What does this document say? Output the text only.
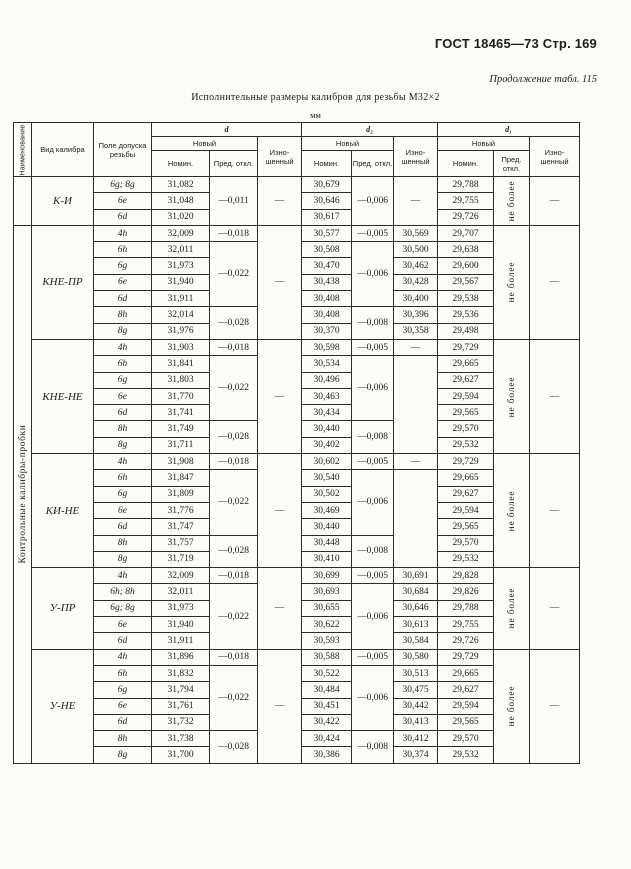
ГОСТ 18465—73 Стр. 169
Продолжение табл. 115
Исполнительные размеры калибров для резьбы М32×2
мм
Наименование	Вид калибра	Поле допуска резьбы	d			d₂			d₁		
			Новый		Изно- шенный	Новый		Изно- шенный	Новый		Изно- шенный
			Номин.	Пред. откл.		Номин.	Пред. откл.		Номин.	Пред. откл.	
	К-И	6g; 8g	31,082	—0,011	—	30,679	—0,006	—	29,788	не более	—
		6e	31,048			30,646			29,755		
		6d	31,020			30,617			29,726		

Контрольные калибры-пробки	КНЕ-ПР	4h	32,009	—0,018	—	30,577	—0,005	30,569	29,707	не более	—
		6h	32,011	—0,022		30,508	—0,006	30,500	29,638		
		6g	31,973			30,470		30,462	29,600		
		6e	31,940			30,438		30,428	29,567		
		6d	31,911			30,408		30,400	29,538		
		8h	32,014	—0,028		30,408	—0,008	30,396	29,536		
		8g	31,976			30,370		30,358	29,498		
	КНЕ-НЕ	4h	31,903	—0,018	—	30,598	—0,005	—	29,729	не более	—
		6h	31,841	—0,022		30,534	—0,006		29,665		
		6g	31,803			30,496			29,627		
		6e	31,770			30,463			29,594		
		6d	31,741			30,434			29,565		
		8h	31,749	—0,028		30,440	—0,008		29,570		
		8g	31,711			30,402			29,532		
	КИ-НЕ	4h	31,908	—0,018	—	30,602	—0,005	—	29,729	не более	—
		6h	31,847	—0,022		30,540	—0,006		29,665		
		6g	31,809			30,502			29,627		
		6e	31,776			30,469			29,594		
		6d	31,747			30,440			29,565		
		8h	31,757	—0,028		30,448	—0,008		29,570		
		8g	31,719			30,410			29,532		
	У-ПР	4h	32,009	—0,018	—	30,699	—0,005	30,691	29,828	не более	—
		6h; 8h	32,011	—0,022		30,693	—0,006	30,684	29,826		
		6g; 8g	31,973			30,655		30,646	29,788		
		6e	31,940			30,622		30,613	29,755		
		6d	31,911			30,593		30,584	29,726		
	У-НЕ	4h	31,896	—0,018	—	30,588	—0,005	30,580	29,729	не более	—
		6h	31,832	—0,022		30,522	—0,006	30,513	29,665		
		6g	31,794			30,484		30,475	29,627		
		6e	31,761			30,451		30,442	29,594		
		6d	31,732			30,422		30,413	29,565		
		8h	31,738	—0,028		30,424	—0,008	30,412	29,570		
		8g	31,700			30,386		30,374	29,532		
